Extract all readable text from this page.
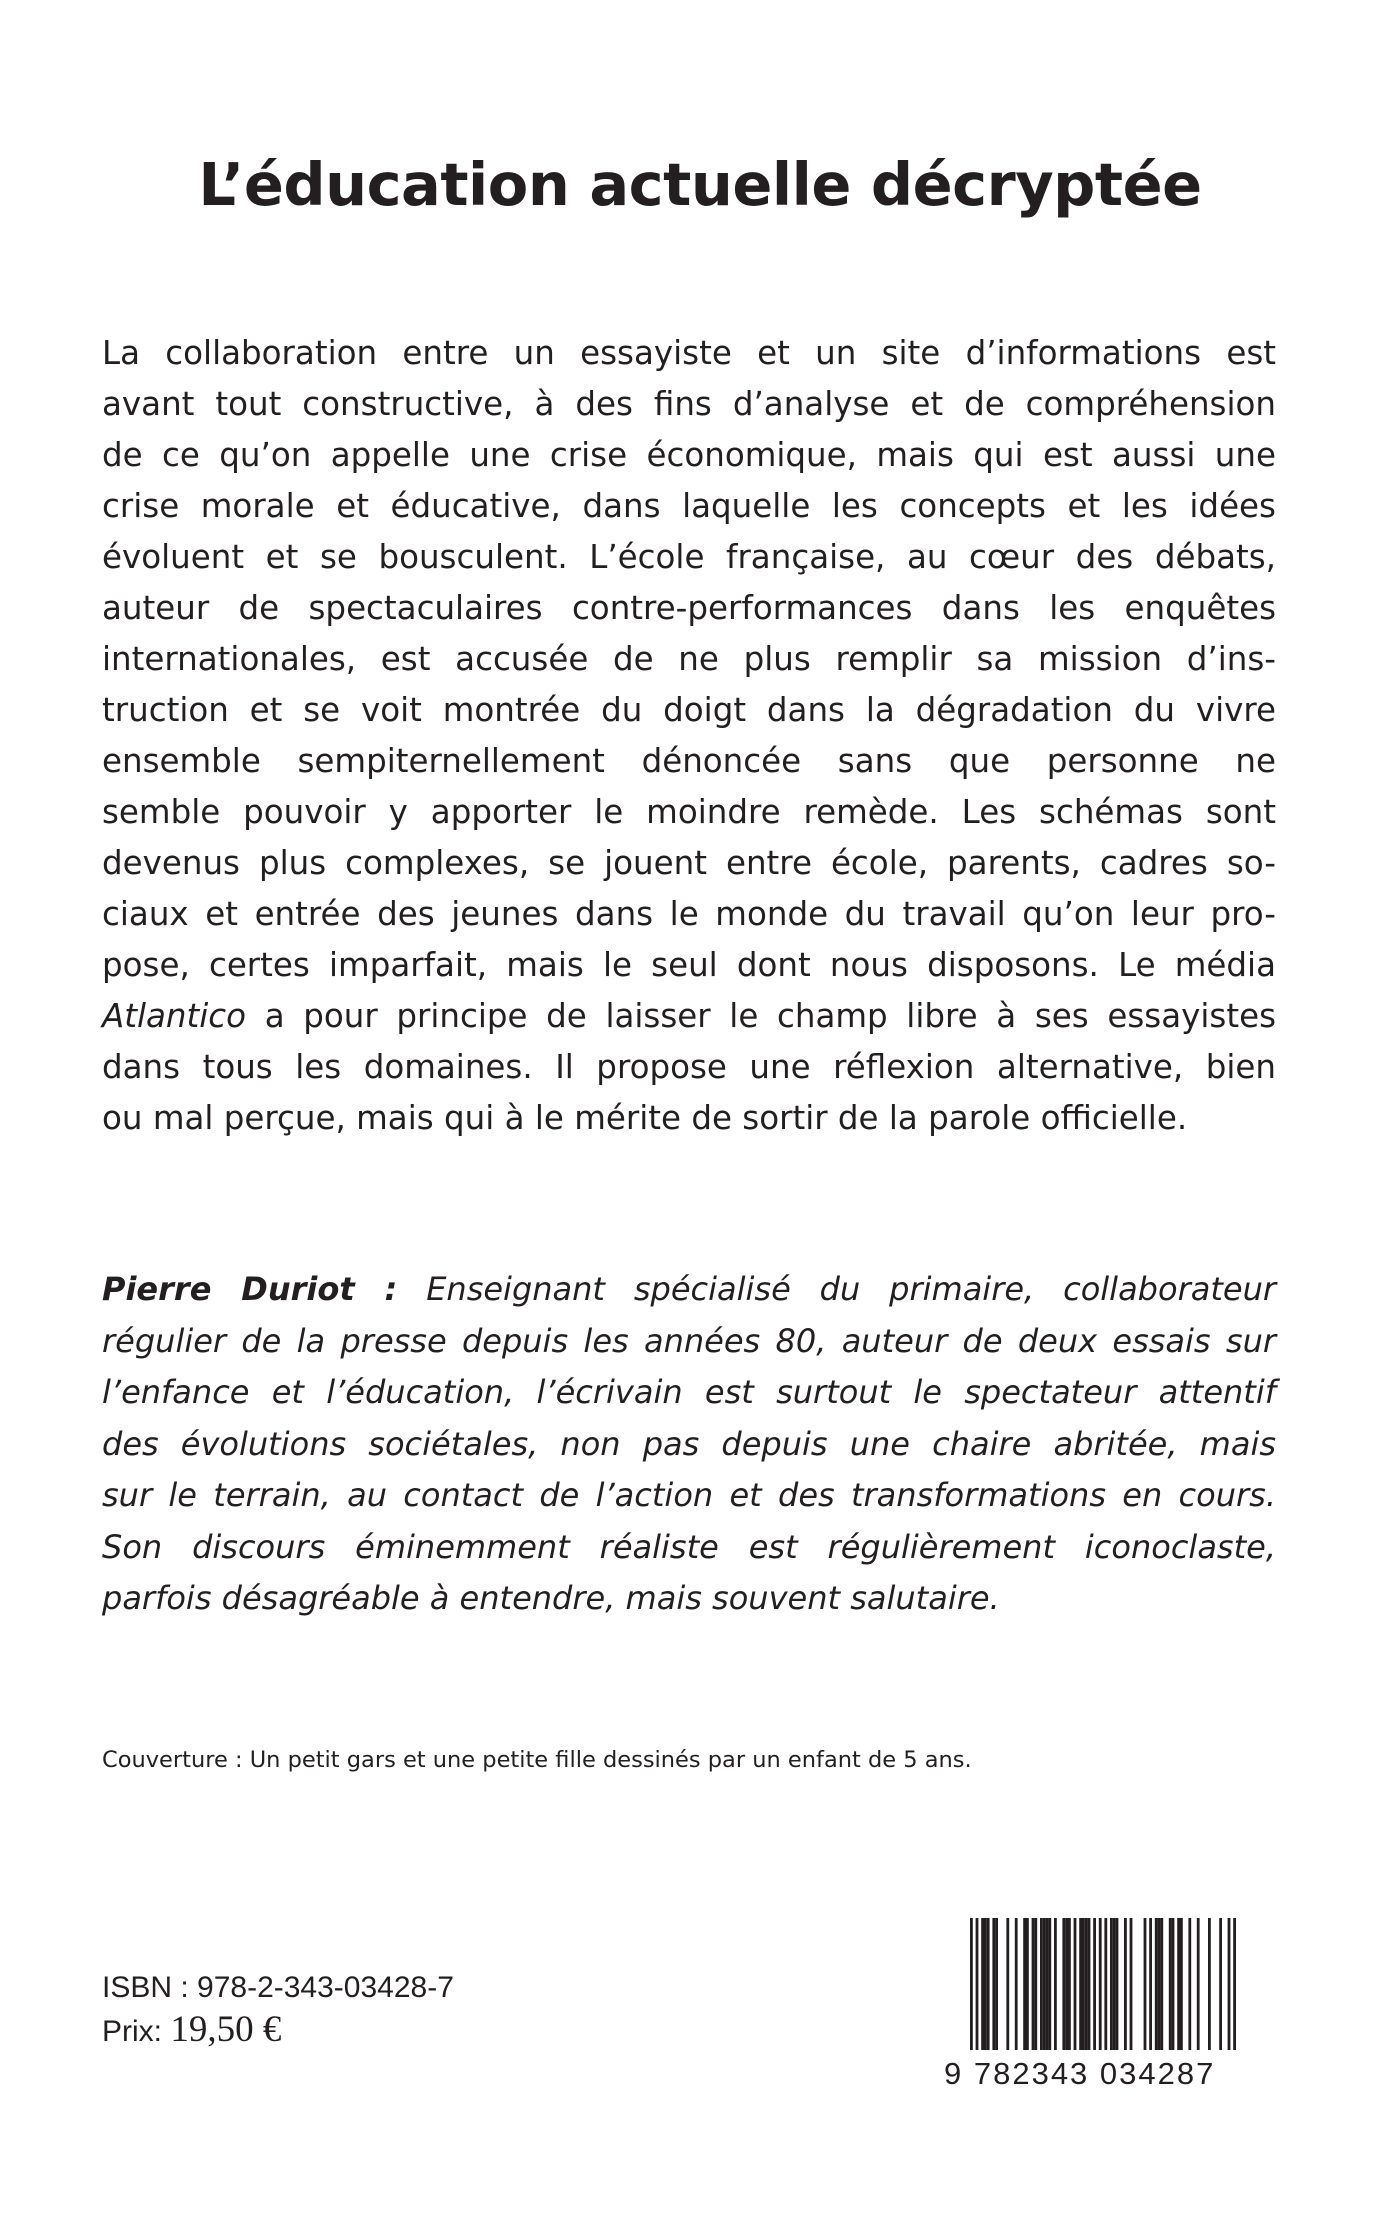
L’éducation actuelle décryptée
La collaboration entre un essayiste et un site d’informations est
avant tout constructive, à des fins d’analyse et de compréhension
de ce qu’on appelle une crise économique, mais qui est aussi une
crise morale et éducative, dans laquelle les concepts et les idées
évoluent et se bousculent. L’école française, au cœur des débats,
auteur de spectaculaires contre-performances dans les enquêtes
internationales, est accusée de ne plus remplir sa mission d’ins-
truction et se voit montrée du doigt dans la dégradation du vivre
ensemble sempiternellement dénoncée sans que personne ne
semble pouvoir y apporter le moindre remède. Les schémas sont
devenus plus complexes, se jouent entre école, parents, cadres so-
ciaux et entrée des jeunes dans le monde du travail qu’on leur pro-
pose, certes imparfait, mais le seul dont nous disposons. Le média
Atlantico a pour principe de laisser le champ libre à ses essayistes
dans tous les domaines. Il propose une réflexion alternative, bien
ou mal perçue, mais qui à le mérite de sortir de la parole officielle.
Pierre Duriot : Enseignant spécialisé du primaire, collaborateur
régulier de la presse depuis les années 80, auteur de deux essais sur
l’enfance et l’éducation, l’écrivain est surtout le spectateur attentif
des évolutions sociétales, non pas depuis une chaire abritée, mais
sur le terrain, au contact de l’action et des transformations en cours.
Son discours éminemment réaliste est régulièrement iconoclaste,
parfois désagréable à entendre, mais souvent salutaire.

Couverture : Un petit gars et une petite fille dessinés par un enfant de 5 ans.

ISBN : 978-2-343-03428-7
Prix: 19,50 €
9 782343 034287
